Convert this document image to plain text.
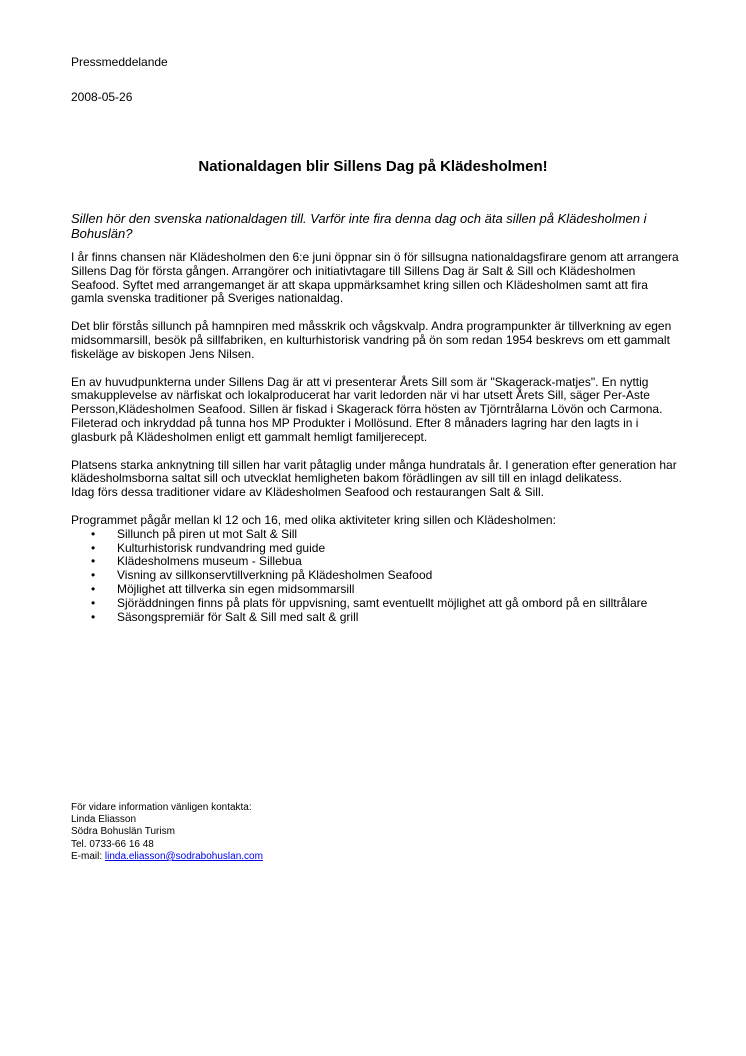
Pressmeddelande
2008-05-26
Nationaldagen blir Sillens Dag på Klädesholmen!

Sillen hör den svenska nationaldagen till. Varför inte fira denna dag och äta sillen på Klädesholmen i Bohuslän?

I år finns chansen när Klädesholmen den 6:e juni öppnar sin ö för sillsugna nationaldagsfirare genom att arrangera Sillens Dag för första gången. Arrangörer och initiativtagare till Sillens Dag är Salt & Sill och Klädesholmen Seafood. Syftet med arrangemanget är att skapa uppmärksamhet kring sillen och Klädesholmen samt att fira gamla svenska traditioner på Sveriges nationaldag.

Det blir förstås sillunch på hamnpiren med måsskrik och vågskvalp. Andra programpunkter är tillverkning av egen midsommarsill, besök på sillfabriken, en kulturhistorisk vandring på ön som redan 1954 beskrevs om ett gammalt fiskeläge av biskopen Jens Nilsen.

En av huvudpunkterna under Sillens Dag är att vi presenterar Årets Sill som är "Skagerack-matjes". En nyttig smakupplevelse av närfiskat och lokalproducerat har varit ledorden när vi har utsett Årets Sill, säger Per-Aste Persson,Klädesholmen Seafood. Sillen är fiskad i Skagerack förra hösten av Tjörntrålarna Lövön och Carmona. Fileterad och inkryddad på tunna hos MP Produkter i Mollösund. Efter 8 månaders lagring har den lagts in i glasburk på Klädesholmen enligt ett gammalt hemligt familjerecept.

Platsens starka anknytning till sillen har varit påtaglig under många hundratals år. I generation efter generation har klädesholmsborna saltat sill och utvecklat hemligheten bakom förädlingen av sill till en inlagd delikatess.

Idag förs dessa traditioner vidare av Klädesholmen Seafood och restaurangen Salt & Sill.

Programmet pågår mellan kl 12 och 16, med olika aktiviteter kring sillen och Klädesholmen:

• Sillunch på piren ut mot Salt & Sill
• Kulturhistorisk rundvandring med guide
• Klädesholmens museum - Sillebua
• Visning av sillkonservtillverkning på Klädesholmen Seafood
• Möjlighet att tillverka sin egen midsommarsill
• Sjöräddningen finns på plats för uppvisning, samt eventuellt möjlighet att gå ombord på en silltrålare
• Säsongspremiär för Salt & Sill med salt & grill
För vidare information vänligen kontakta:
Linda Eliasson
Södra Bohuslän Turism
Tel. 0733-66 16 48
E-mail: linda.eliasson@sodrabohuslan.com
